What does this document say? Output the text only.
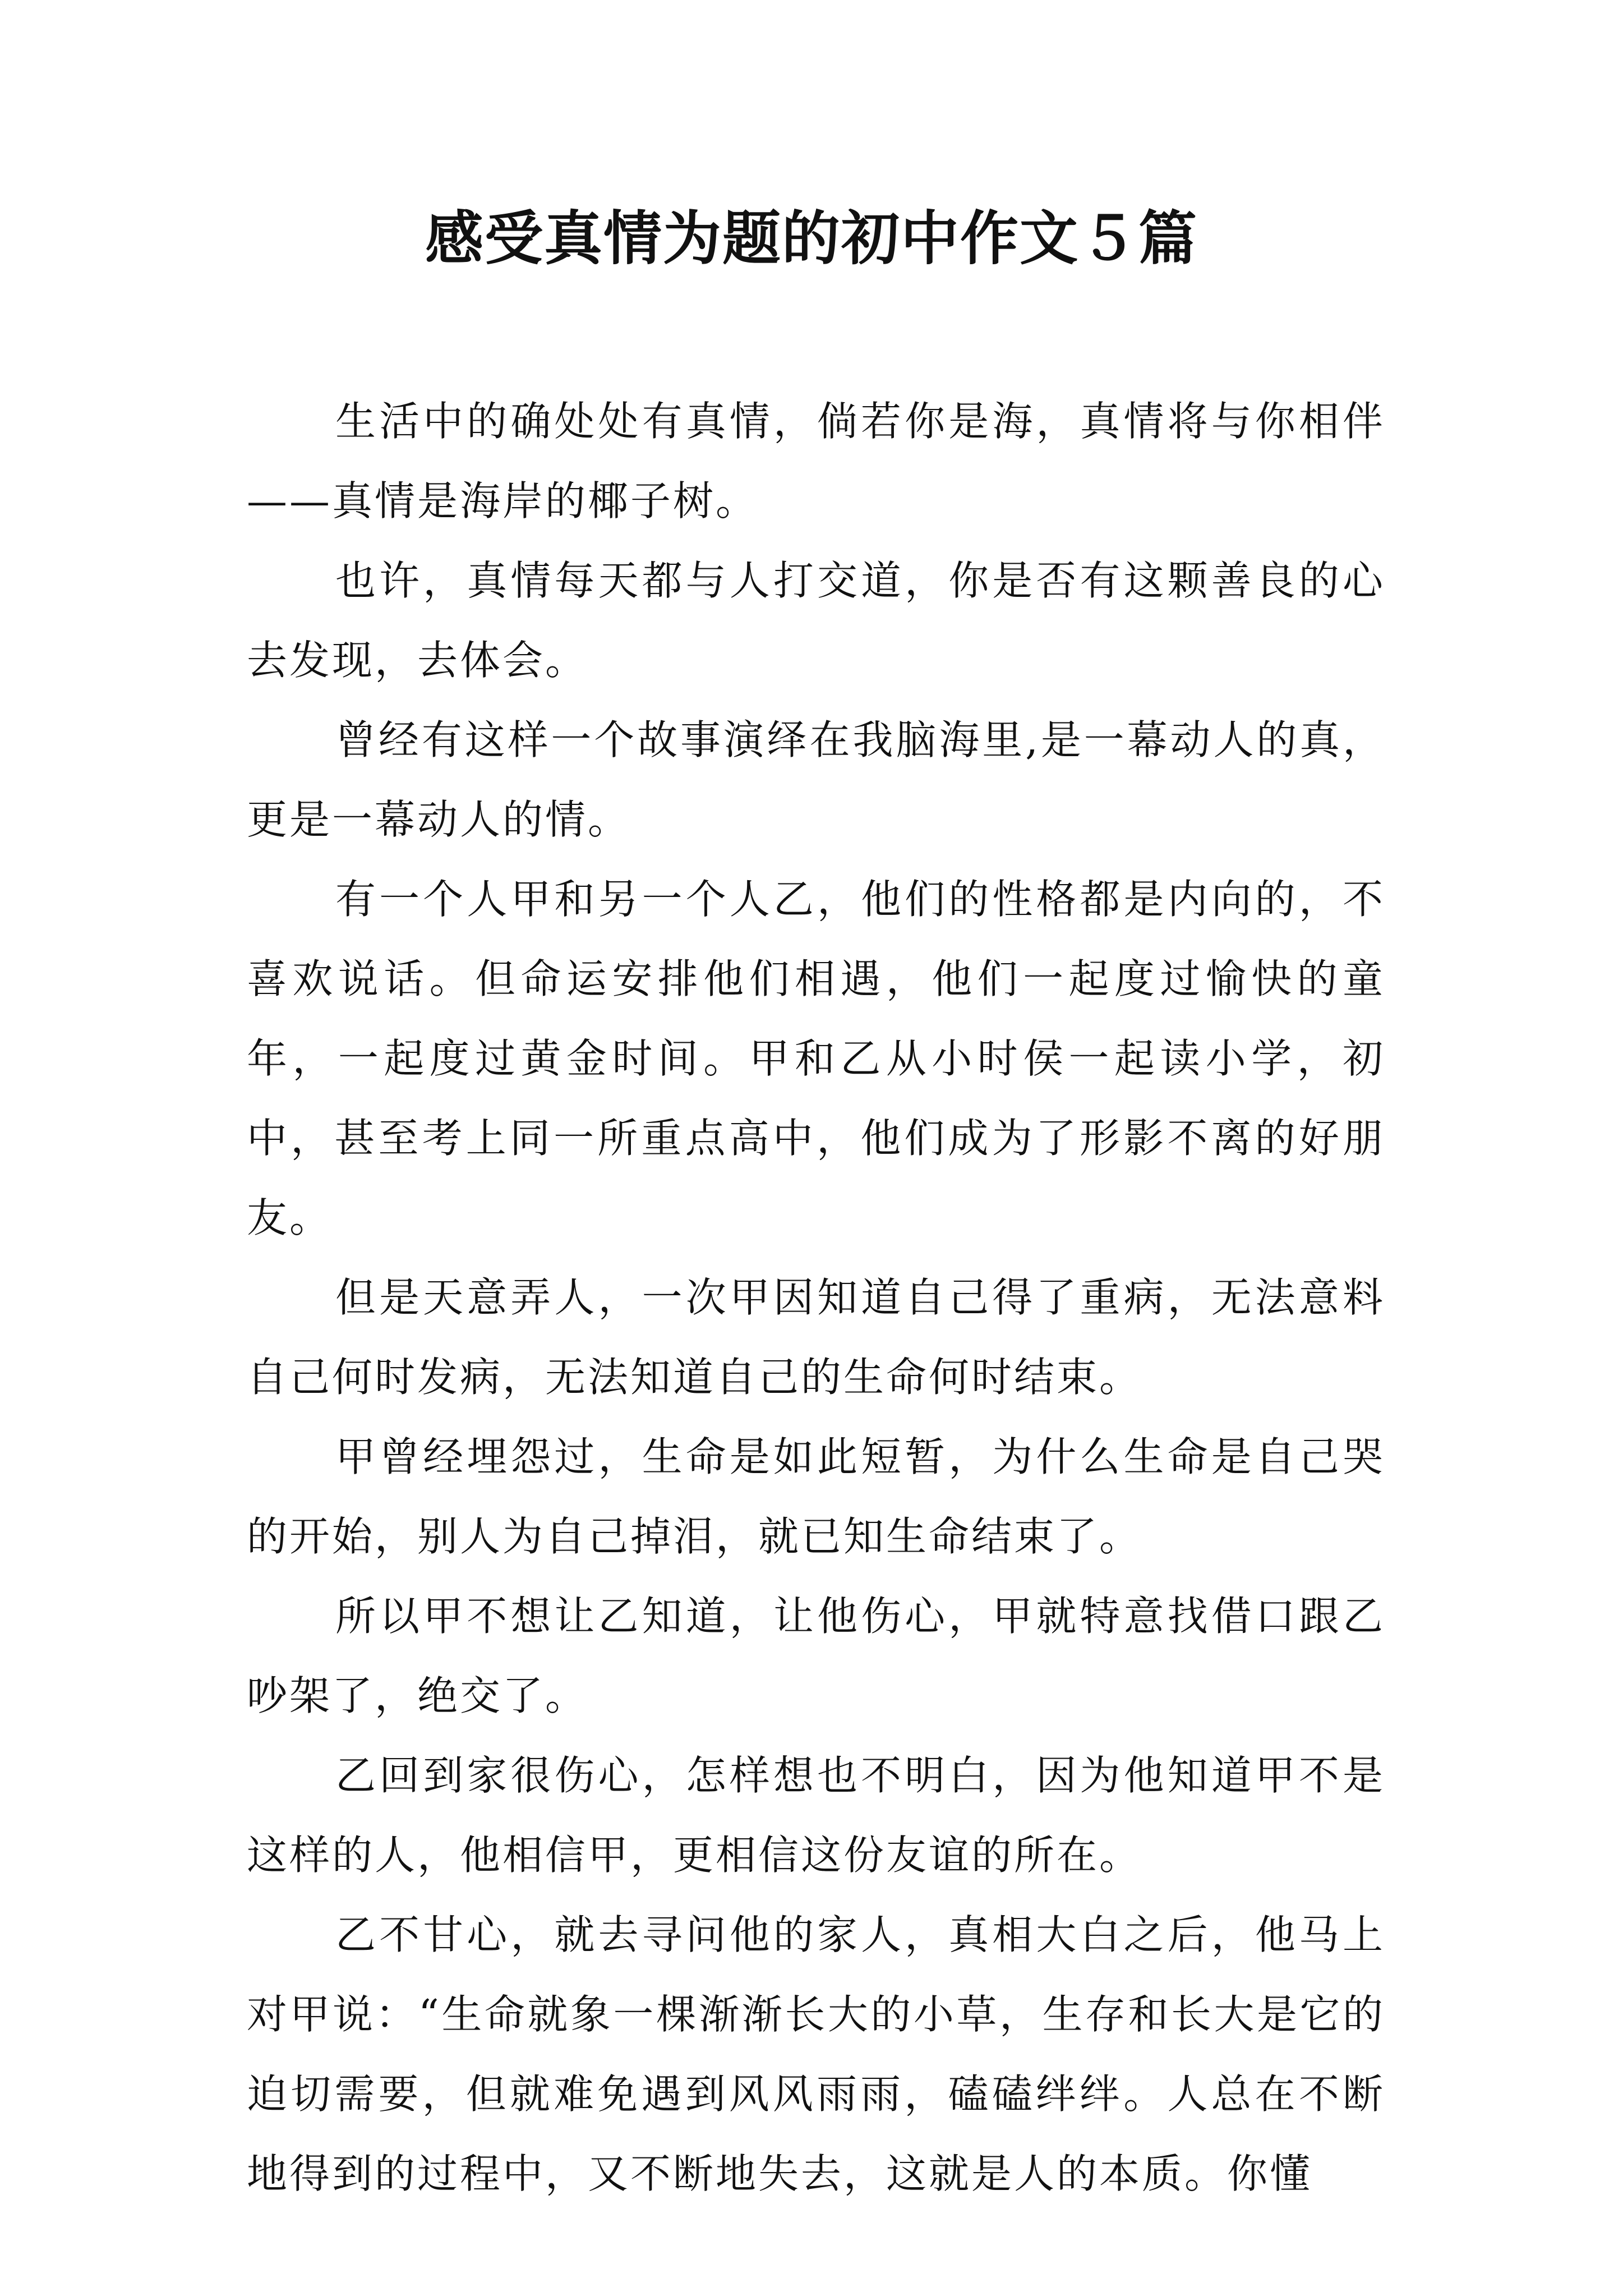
感受真情为题的初中作文５篇

生活中的确处处有真情，倘若你是海，真情将与你相伴——真情是海岸的椰子树。

也许，真情每天都与人打交道，你是否有这颗善良的心去发现，去体会。

曾经有这样一个故事演绎在我脑海里,是一幕动人的真，更是一幕动人的情。

有一个人甲和另一个人乙，他们的性格都是内向的，不喜欢说话。但命运安排他们相遇，他们一起度过愉快的童年，一起度过黄金时间。甲和乙从小时侯一起读小学，初中，甚至考上同一所重点高中，他们成为了形影不离的好朋友。

但是天意弄人，一次甲因知道自己得了重病，无法意料自己何时发病，无法知道自己的生命何时结束。

甲曾经埋怨过，生命是如此短暂，为什么生命是自己哭的开始，别人为自己掉泪，就已知生命结束了。

所以甲不想让乙知道，让他伤心，甲就特意找借口跟乙吵架了，绝交了。

乙回到家很伤心，怎样想也不明白，因为他知道甲不是这样的人，他相信甲，更相信这份友谊的所在。

乙不甘心，就去寻问他的家人，真相大白之后，他马上对甲说：“生命就象一棵渐渐长大的小草，生存和长大是它的迫切需要，但就难免遇到风风雨雨，磕磕绊绊。人总在不断地得到的过程中，又不断地失去，这就是人的本质。你懂
